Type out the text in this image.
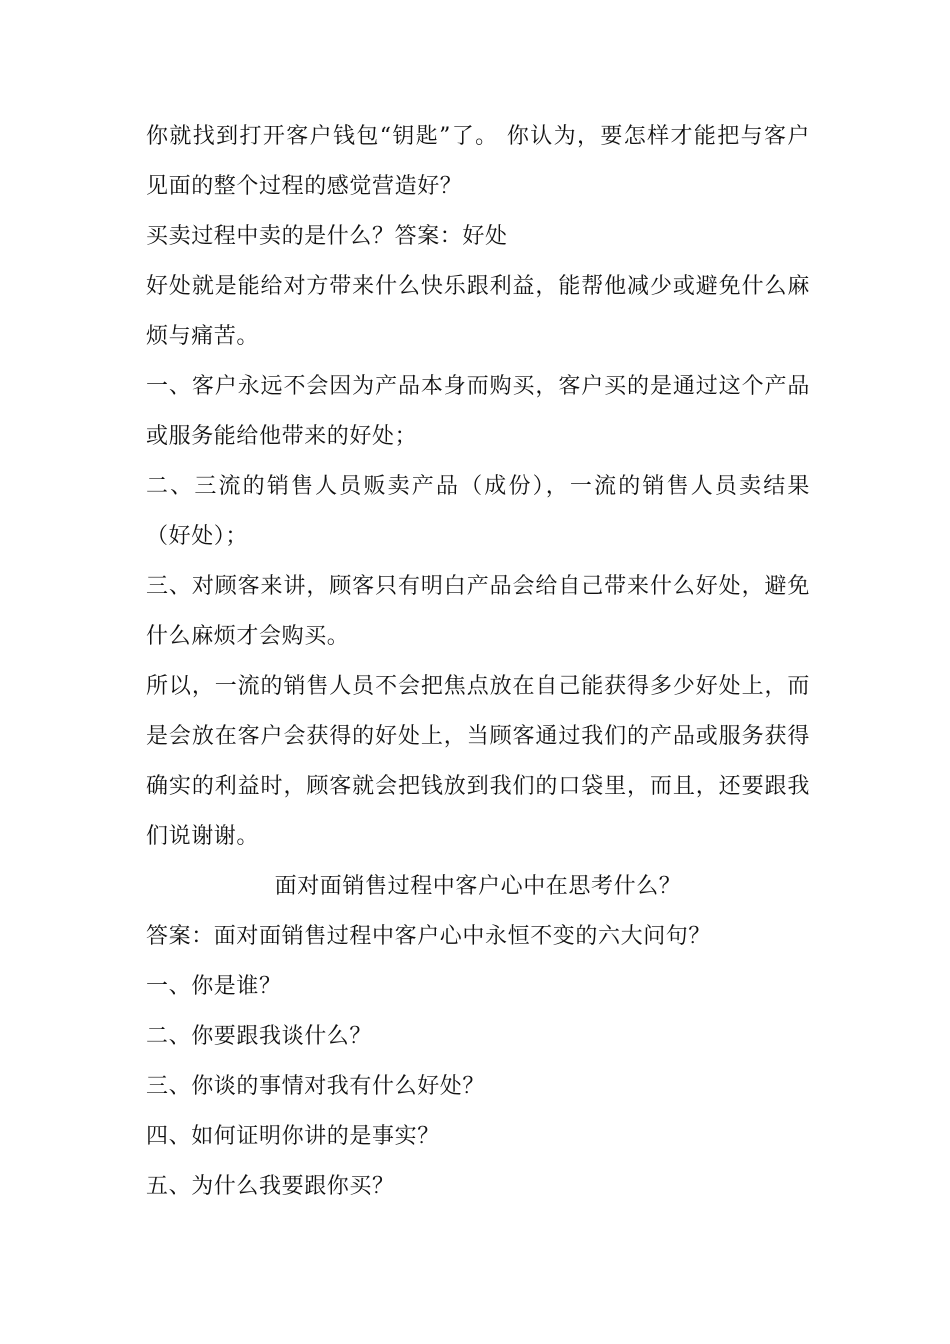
你就找到打开客户钱包“钥匙”了。 你认为，要怎样才能把与客户见面的整个过程的感觉营造好？

买卖过程中卖的是什么？答案：好处

好处就是能给对方带来什么快乐跟利益，能帮他减少或避免什么麻烦与痛苦。

一、客户永远不会因为产品本身而购买，客户买的是通过这个产品或服务能给他带来的好处；

二、三流的销售人员贩卖产品（成份），一流的销售人员卖结果（好处）；

三、对顾客来讲，顾客只有明白产品会给自己带来什么好处，避免什么麻烦才会购买。

所以，一流的销售人员不会把焦点放在自己能获得多少好处上，而是会放在客户会获得的好处上，当顾客通过我们的产品或服务获得确实的利益时，顾客就会把钱放到我们的口袋里，而且，还要跟我们说谢谢。

面对面销售过程中客户心中在思考什么？

答案：面对面销售过程中客户心中永恒不变的六大问句？

一、你是谁？

二、你要跟我谈什么？

三、你谈的事情对我有什么好处？

四、如何证明你讲的是事实？

五、为什么我要跟你买？
